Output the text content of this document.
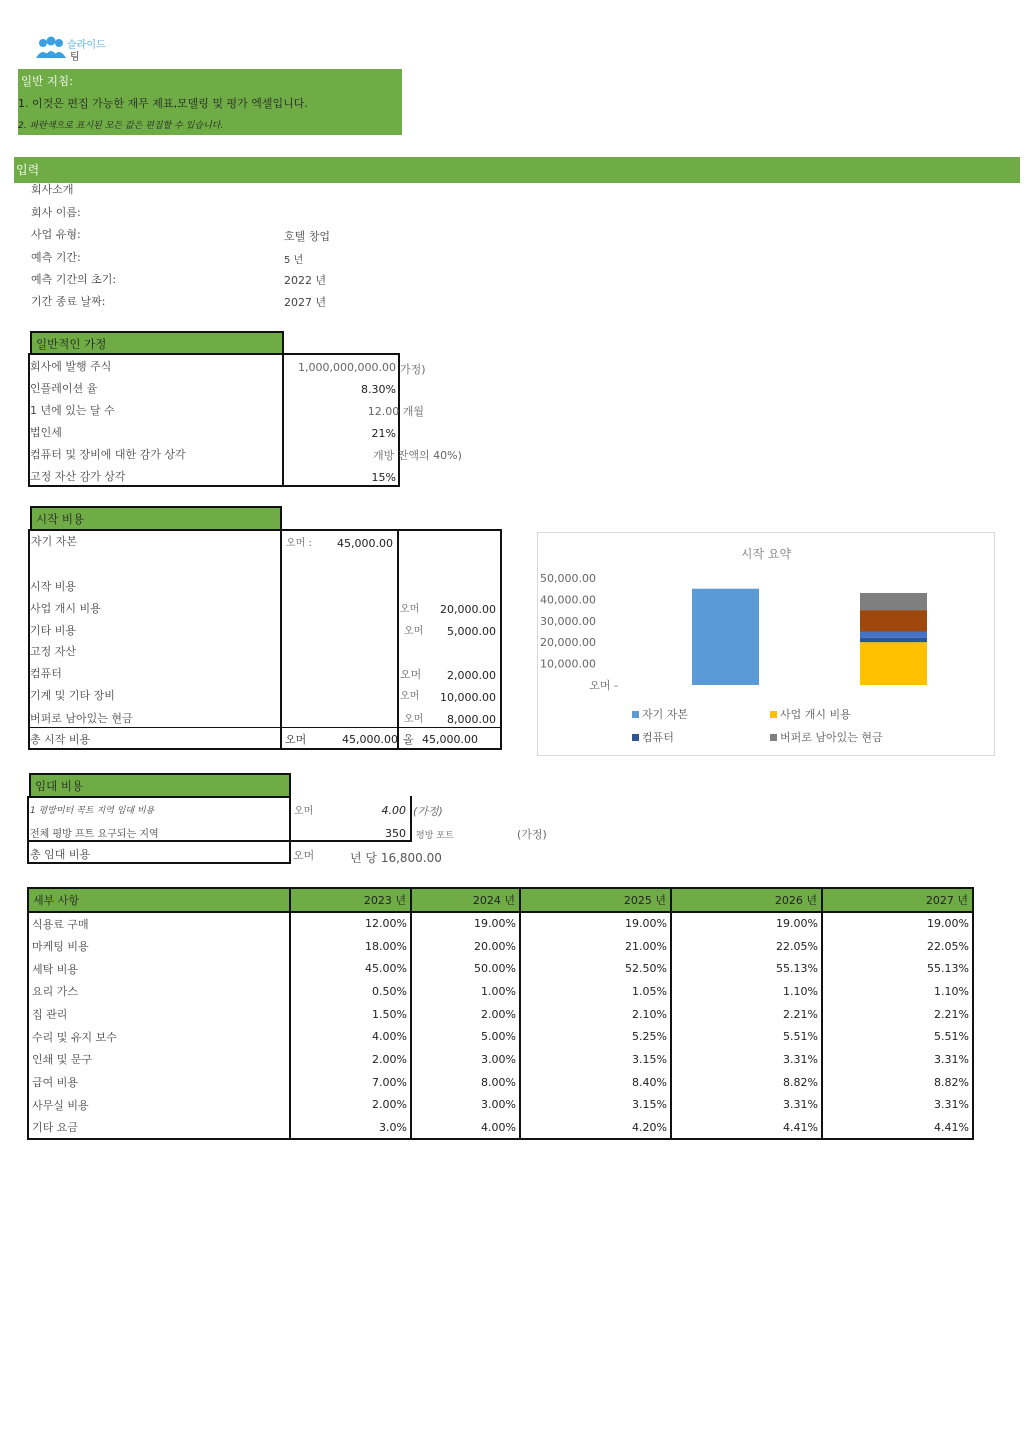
슬라이드
팀
일반 지침:
1. 이것은 편집 가능한 재무 제표,모델링 및 평가 엑셀입니다.
2. 파란색으로 표시된 모든 값은 편집할 수 있습니다.
입력
회사소개
회사 이름:
사업 유형:	호텔 창업
예측 기간:	5 년
예측 기간의 초기:	2022 년
기간 종료 날짜:	2027 년
일반적인 가정
회사에 발행 주식	1,000,000,000.00 가정)
인플레이션 율	8.30%
1 년에 있는 달 수	12.00 개월
법인세	21%
컴퓨터 및 장비에 대한 감가 상각	개방 잔액의 40%)
고정 자산 감가 상각	15%
시작 비용
자기 자본	오머 :	45,000.00
시작 비용
사업 개시 비용	오머	20,000.00
기타 비용	오머	5,000.00
고정 자산
컴퓨터	오머	2,000.00
기계 및 기타 장비	오머	10,000.00
버퍼로 남아있는 현금	오머	8,000.00
총 시작 비용	오머	45,000.00 올 45,000.00
시작 요약
50,000.00
40,000.00
30,000.00
20,000.00
10,000.00
오머 -
자기 자본	사업 개시 비용
컴퓨터	버퍼로 남아있는 현금
임대 비용
1 평방미터 꼭트 지역 임대 비용	오머	4.00 (가정)
전체 평방 프트 요구되는 지역	350 평방 포트	(가정)
총 임대 비용	오머	년 당 16,800.00
세부 사항	2023 년	2024 년	2025 년	2026 년	2027 년
식용료 구매	12.00%	19.00%	19.00%	19.00%	19.00%
마케팅 비용	18.00%	20.00%	21.00%	22.05%	22.05%
세탁 비용	45.00%	50.00%	52.50%	55.13%	55.13%
요리 가스	0.50%	1.00%	1.05%	1.10%	1.10%
집 관리	1.50%	2.00%	2.10%	2.21%	2.21%
수리 및 유지 보수	4.00%	5.00%	5.25%	5.51%	5.51%
인쇄 및 문구	2.00%	3.00%	3.15%	3.31%	3.31%
급여 비용	7.00%	8.00%	8.40%	8.82%	8.82%
사무실 비용	2.00%	3.00%	3.15%	3.31%	3.31%
기타 요금	3.0%	4.00%	4.20%	4.41%	4.41%
